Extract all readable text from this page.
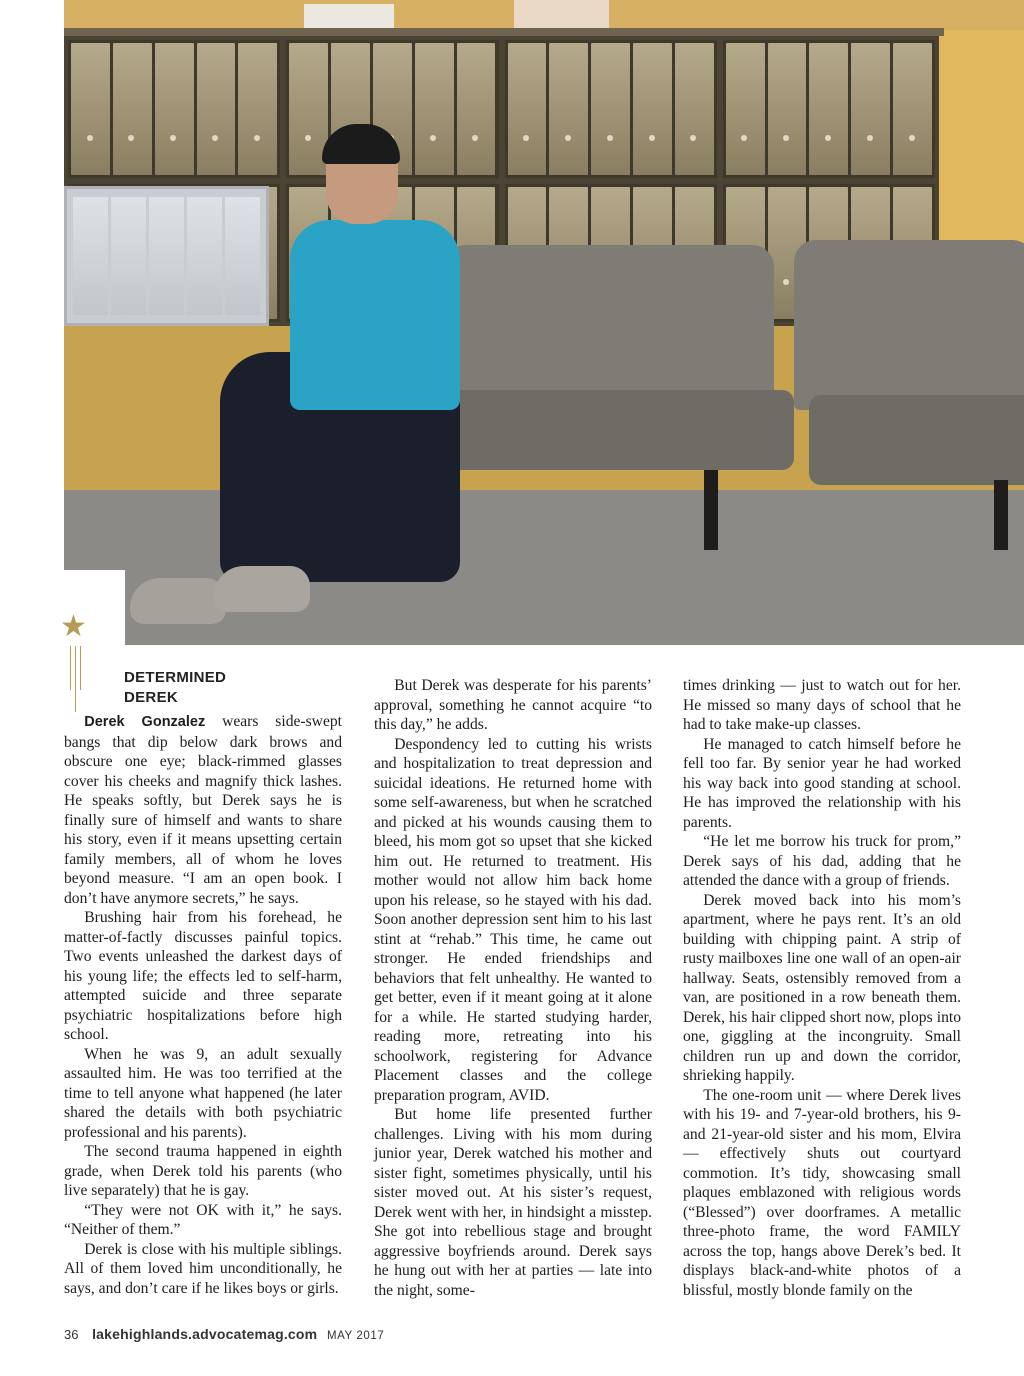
★
DETERMINED
DEREK

Derek Gonzalez wears side-swept bangs that dip below dark brows and obscure one eye; black-rimmed glasses cover his cheeks and magnify thick lashes. He speaks softly, but Derek says he is finally sure of himself and wants to share his story, even if it means upsetting certain family members, all of whom he loves beyond measure. “I am an open book. I don’t have anymore secrets,” he says.

Brushing hair from his forehead, he matter-of-factly discusses painful topics. Two events unleashed the darkest days of his young life; the effects led to self-harm, attempted suicide and three separate psychiatric hospitalizations before high school.

When he was 9, an adult sexually assaulted him. He was too terrified at the time to tell anyone what happened (he later shared the details with both psychiatric professional and his parents).

The second trauma happened in eighth grade, when Derek told his parents (who live separately) that he is gay.

“They were not OK with it,” he says. “Neither of them.”

Derek is close with his multiple siblings. All of them loved him unconditionally, he says, and don’t care if he likes boys or girls.

But Derek was desperate for his parents’ approval, something he cannot acquire “to this day,” he adds.

Despondency led to cutting his wrists and hospitalization to treat depression and suicidal ideations. He returned home with some self-awareness, but when he scratched and picked at his wounds causing them to bleed, his mom got so upset that she kicked him out. He returned to treatment. His mother would not allow him back home upon his release, so he stayed with his dad. Soon another depression sent him to his last stint at “rehab.” This time, he came out stronger. He ended friendships and behaviors that felt unhealthy. He wanted to get better, even if it meant going at it alone for a while. He started studying harder, reading more, retreating into his schoolwork, registering for Advance Placement classes and the college preparation program, AVID.

But home life presented further challenges. Living with his mom during junior year, Derek watched his mother and sister fight, sometimes physically, until his sister moved out. At his sister’s request, Derek went with her, in hindsight a misstep. She got into rebellious stage and brought aggressive boyfriends around. Derek says he hung out with her at parties — late into the night, some-

times drinking — just to watch out for her. He missed so many days of school that he had to take make-up classes.

He managed to catch himself before he fell too far. By senior year he had worked his way back into good standing at school. He has improved the relationship with his parents.

“He let me borrow his truck for prom,” Derek says of his dad, adding that he attended the dance with a group of friends.

Derek moved back into his mom’s apartment, where he pays rent. It’s an old building with chipping paint. A strip of rusty mailboxes line one wall of an open-air hallway. Seats, ostensibly removed from a van, are positioned in a row beneath them. Derek, his hair clipped short now, plops into one, giggling at the incongruity. Small children run up and down the corridor, shrieking happily.

The one-room unit — where Derek lives with his 19- and 7-year-old brothers, his 9- and 21-year-old sister and his mom, Elvira — effectively shuts out courtyard commotion. It’s tidy, showcasing small plaques emblazoned with religious words (“Blessed”) over doorframes. A metallic three-photo frame, the word FAMILY across the top, hangs above Derek’s bed. It displays black-and-white photos of a blissful, mostly blonde family on the

36 lakehighlands.advocatemag.com MAY 2017
